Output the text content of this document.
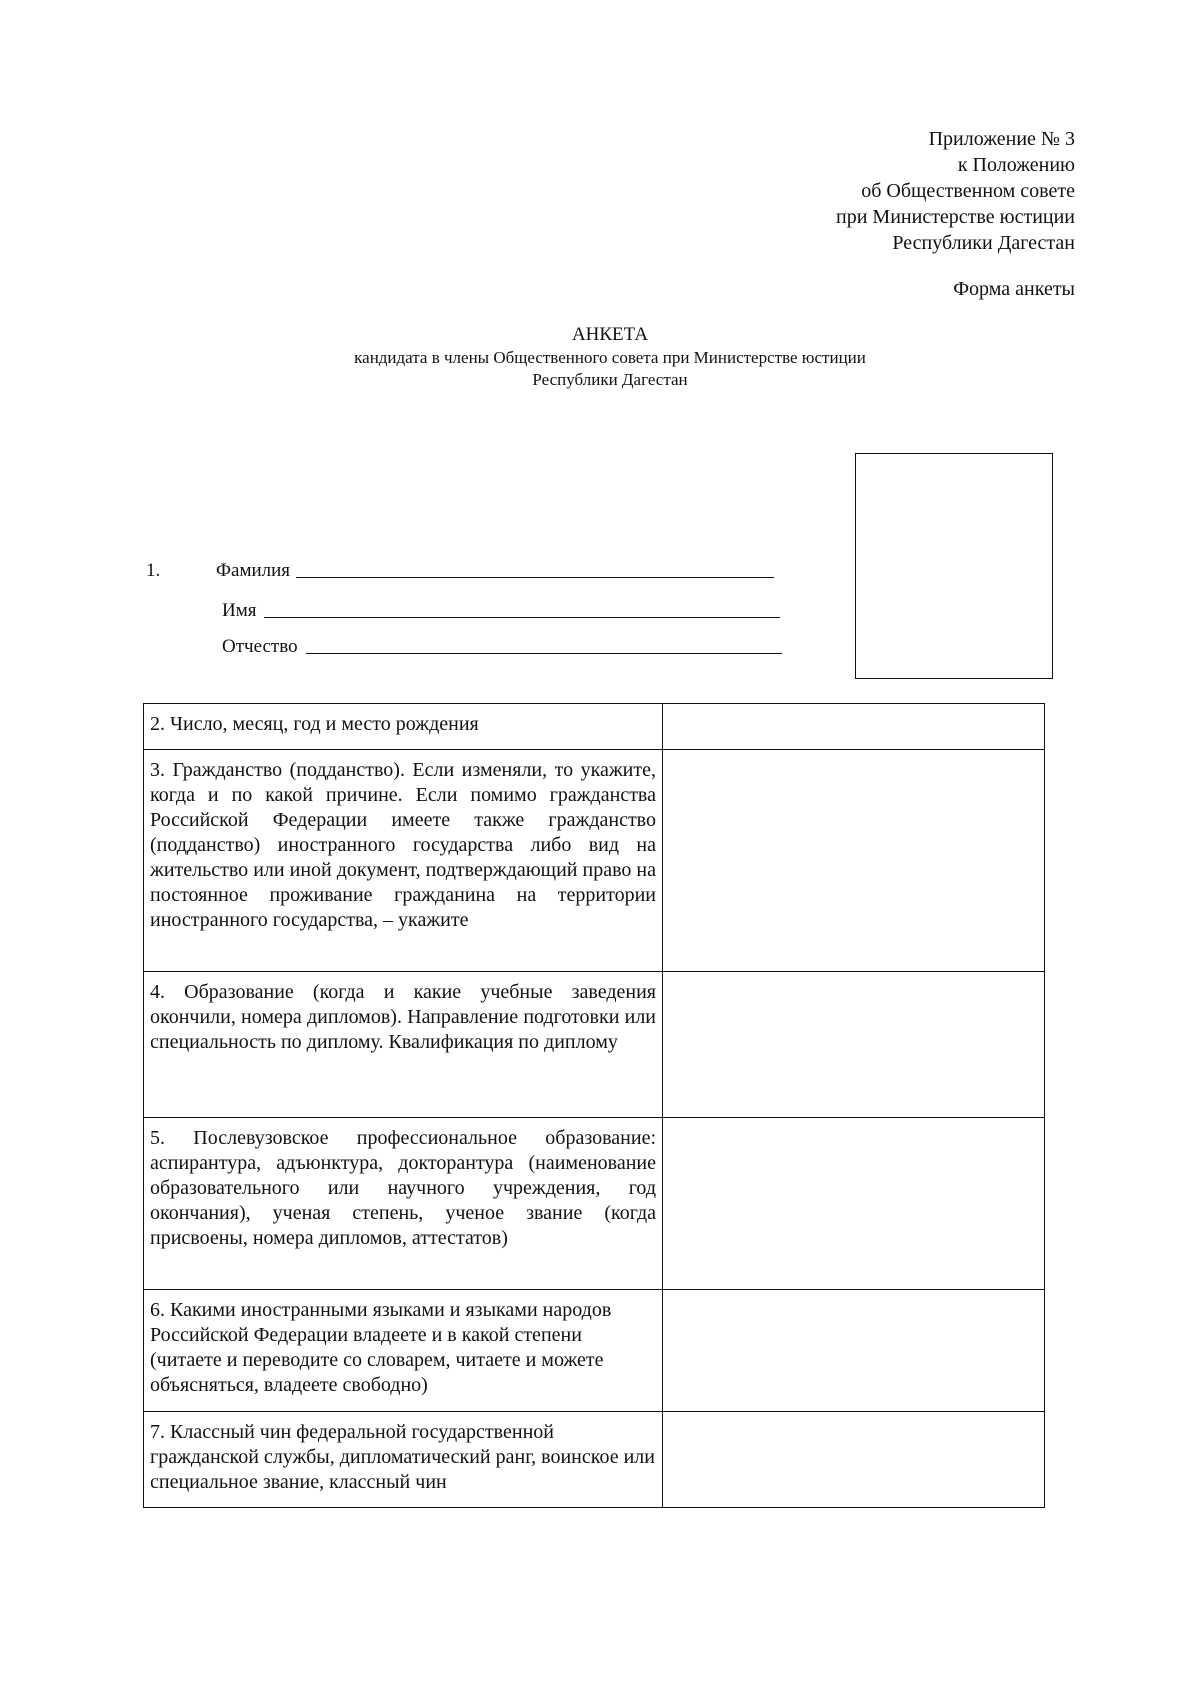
Приложение № 3
к Положению
об Общественном совете
при Министерстве юстиции
Республики Дагестан
Форма анкеты
АНКЕТА
кандидата в члены Общественного совета при Министерстве юстиции
Республики Дагестан
1.	Фамилия
Имя
Отчество
2. Число, месяц, год и место рождения	
3. Гражданство (подданство). Если изменяли, то укажите, когда и по какой причине. Если помимо гражданства Российской Федерации имеете также гражданство (подданство) иностранного государства либо вид на жительство или иной документ, подтверждающий право на постоянное проживание гражданина на территории иностранного государства, – укажите	
4. Образование (когда и какие учебные заведения окончили, номера дипломов). Направление подготовки или специальность по диплому. Квалификация по диплому	
5. Послевузовское профессиональное образование: аспирантура, адъюнктура, докторантура (наименование образовательного или научного учреждения, год окончания), ученая степень, ученое звание (когда присвоены, номера дипломов, аттестатов)	
6. Какими иностранными языками и языками народов Российской Федерации владеете и в какой степени (читаете и переводите со словарем, читаете и можете объясняться, владеете свободно)	
7. Классный чин федеральной государственной гражданской службы, дипломатический ранг, воинское или специальное звание, классный чин	
